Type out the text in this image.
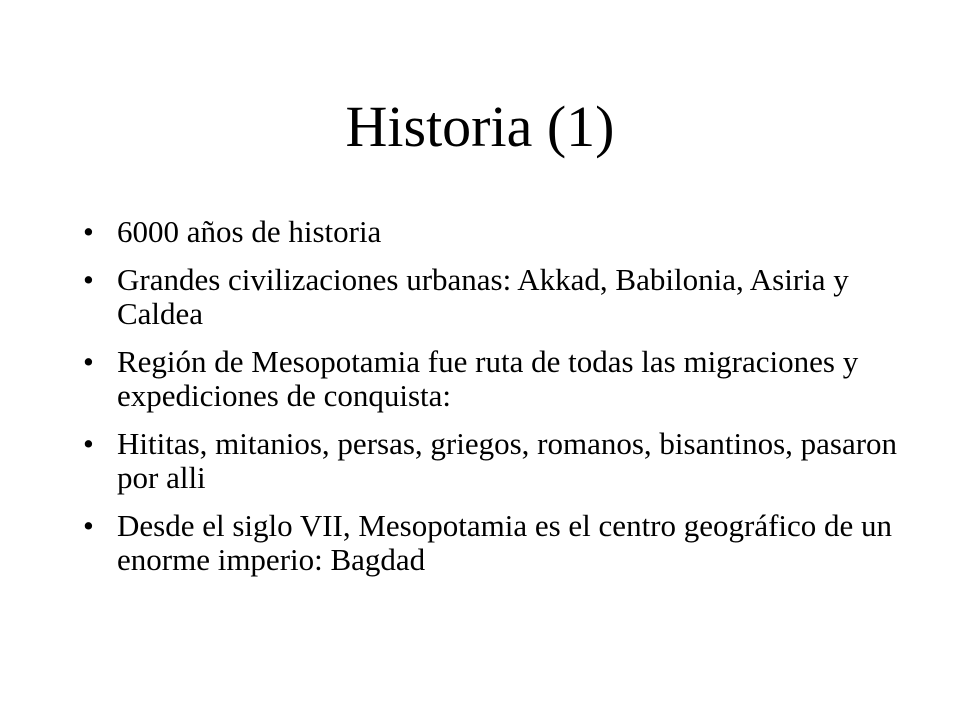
Historia (1)
• 6000 años de historia
• Grandes civilizaciones urbanas: Akkad, Babilonia, Asiria y Caldea
• Región de Mesopotamia fue ruta de todas las migraciones y expediciones de conquista:
• Hititas, mitanios, persas, griegos, romanos, bisantinos, pasaron por alli
• Desde el siglo VII, Mesopotamia es el centro geográfico de un enorme imperio: Bagdad
